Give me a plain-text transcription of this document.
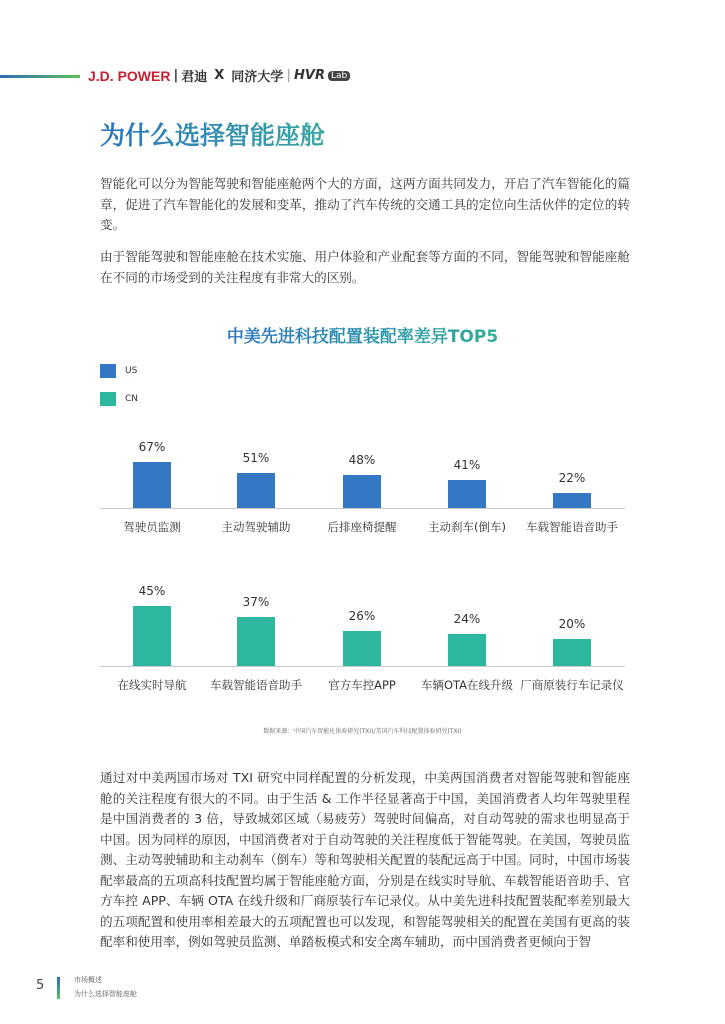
J.D. POWER | 君迪 X 同济大学 | HVR Lab
为什么选择智能座舱
智能化可以分为智能驾驶和智能座舱两个大的方面，这两方面共同发力，开启了汽车智能化的篇章，促进了汽车智能化的发展和变革，推动了汽车传统的交通工具的定位向生活伙伴的定位的转变。
由于智能驾驶和智能座舱在技术实施、用户体验和产业配套等方面的不同，智能驾驶和智能座舱在不同的市场受到的关注程度有非常大的区别。
中美先进科技配置装配率差异TOP5
US
CN
67%
驾驶员监测
51%
主动驾驶辅助
48%
后排座椅提醒
41%
主动刹车(倒车)
22%
车载智能语音助手
45%
在线实时导航
37%
车载智能语音助手
26%
官方车控APP
24%
车辆OTA在线升级
20%
厂商原装行车记录仪
数据来源：中国汽车智能化体验研究(TXI)/美国汽车科技配置体验研究(TXI)
通过对中美两国市场对 TXI 研究中同样配置的分析发现，中美两国消费者对智能驾驶和智能座舱的关注程度有很大的不同。由于生活 & 工作半径显著高于中国，美国消费者人均年驾驶里程是中国消费者的 3 倍，导致城郊区域（易疲劳）驾驶时间偏高，对自动驾驶的需求也明显高于中国。因为同样的原因，中国消费者对于自动驾驶的关注程度低于智能驾驶。在美国，驾驶员监测、主动驾驶辅助和主动刹车（倒车）等和驾驶相关配置的装配远高于中国。同时，中国市场装配率最高的五项高科技配置均属于智能座舱方面，分别是在线实时导航、车载智能语音助手、官方车控 APP、车辆 OTA 在线升级和厂商原装行车记录仪。从中美先进科技配置装配率差别最大的五项配置和使用率相差最大的五项配置也可以发现，和智能驾驶相关的配置在美国有更高的装配率和使用率，例如驾驶员监测、单踏板模式和安全离车辅助，而中国消费者更倾向于智
5	市场概述
为什么选择智能座舱
